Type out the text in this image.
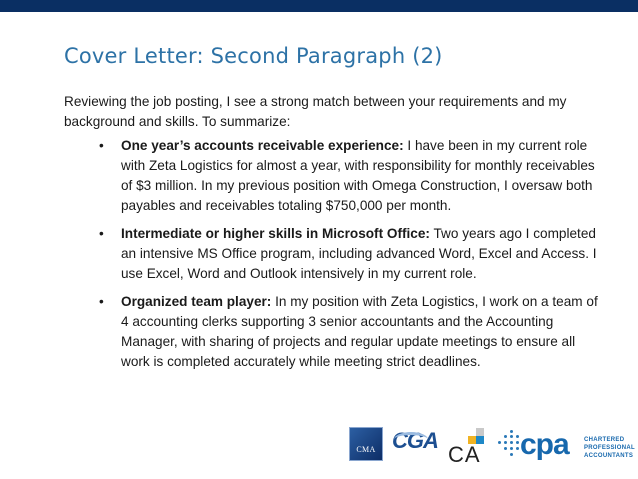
Cover Letter: Second Paragraph (2)
Reviewing the job posting, I see a strong match between your requirements and my background and skills. To summarize:
• One year’s accounts receivable experience: I have been in my current role with Zeta Logistics for almost a year, with responsibility for monthly receivables of $3 million. In my previous position with Omega Construction, I oversaw both payables and receivables totaling $750,000 per month.
• Intermediate or higher skills in Microsoft Office: Two years ago I completed an intensive MS Office program, including advanced Word, Excel and Access. I use Excel, Word and Outlook intensively in my current role.
• Organized team player: In my position with Zeta Logistics, I work on a team of 4 accounting clerks supporting 3 senior accountants and the Accounting Manager, with sharing of projects and regular update meetings to ensure all work is completed accurately while meeting strict deadlines.
CMA CGA
CA cpa	CHARTERED
PROFESSIONAL
ACCOUNTANTS
